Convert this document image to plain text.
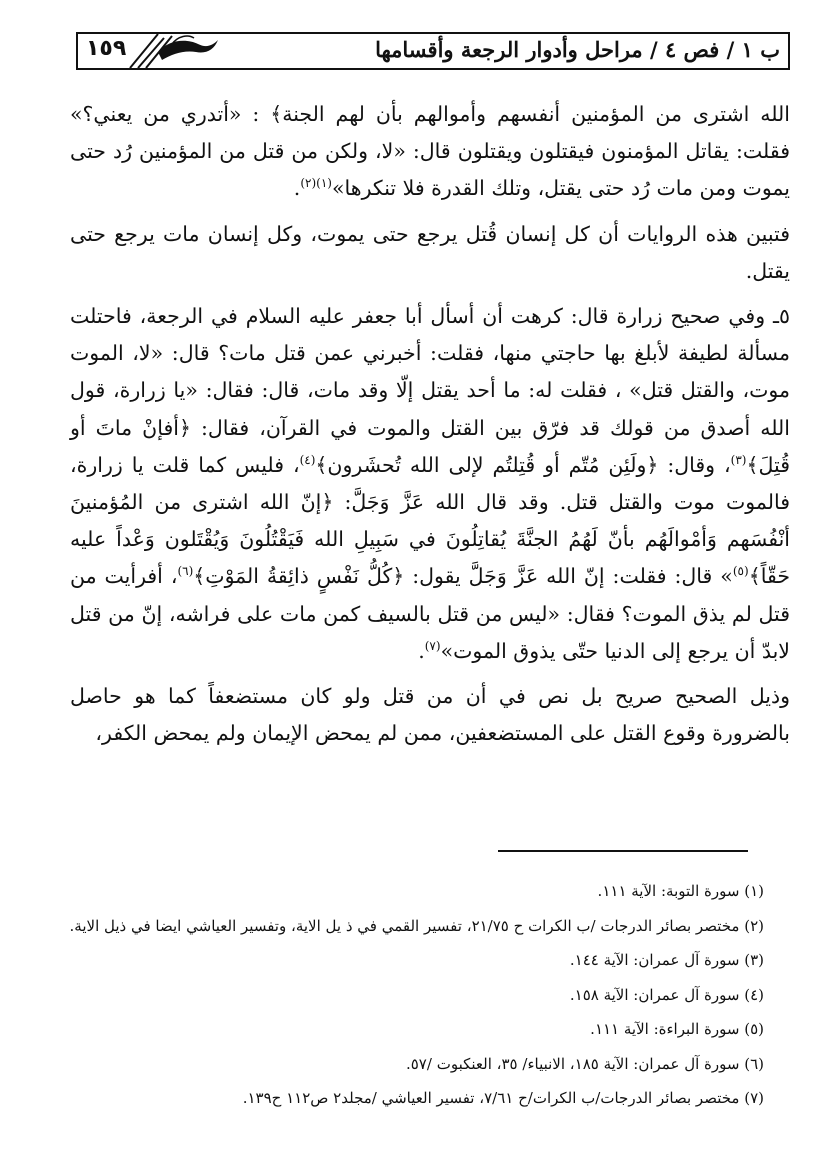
١٥٩	ب ١ / فص ٤ / مراحل وأدوار الرجعة وأقسامها

الله اشترى من المؤمنين أنفسهم وأموالهم بأن لهم الجنة﴾ : «أتدري من يعني؟» فقلت: يقاتل المؤمنون فيقتلون ويقتلون قال: «لا، ولكن من قتل من المؤمنين رُد حتى يموت ومن مات رُد حتى يقتل، وتلك القدرة فلا تنكرها»$^{(١)(٢)}$.

فتبين هذه الروايات أن كل إنسان قُتل يرجع حتى يموت، وكل إنسان مات يرجع حتى يقتل.

٥ـ وفي صحيح زرارة قال: كرهت أن أسأل أبا جعفر عليه السلام في الرجعة، فاحتلت مسألة لطيفة لأبلغ بها حاجتي منها، فقلت: أخبرني عمن قتل مات؟ قال: «لا، الموت موت، والقتل قتل» ، فقلت له: ما أحد يقتل إلّا وقد مات، قال: فقال: «يا زرارة، قول الله أصدق من قولك قد فرّق بين القتل والموت في القرآن، فقال: ﴿أفإنْ ماتَ أو قُتِلَ﴾$^{(٣)}$، وقال: ﴿ولَئِن مُتّم أو قُتِلتُم لإلى الله تُحشَرون﴾$^{(٤)}$، فليس كما قلت يا زرارة، فالموت موت والقتل قتل. وقد قال الله عَزَّ وَجَلَّ: ﴿إنّ الله اشترى من المُؤمنينَ أنْفُسَهم وَأمْوالَهُم بأنّ لَهُمُ الجنَّةَ يُقاتِلُونَ في سَبِيلِ الله فَيَقْتُلُونَ وَيُقْتَلون وَعْداً عليه حَقّاً﴾$^{(٥)}$» قال: فقلت: إنّ الله عَزَّ وَجَلَّ يقول: ﴿كُلُّ نَفْسٍ ذائِقةُ المَوْتِ﴾$^{(٦)}$، أفرأيت من قتل لم يذق الموت؟ فقال: «ليس من قتل بالسيف كمن مات على فراشه، إنّ من قتل لابدّ أن يرجع إلى الدنيا حتّى يذوق الموت»$^{(٧)}$.

وذيل الصحيح صريح بل نص في أن من قتل ولو كان مستضعفاً كما هو حاصل بالضرورة وقوع القتل على المستضعفين، ممن لم يمحض الإيمان ولم يمحض الكفر،

(١) سورة التوبة: الآية ١١١.
(٢) مختصر بصائر الدرجات /ب الكرات ح ٢١/٧٥، تفسير القمي في ذ يل الاية، وتفسير العياشي ايضا في ذيل الاية.
(٣) سورة آل عمران: الآية ١٤٤.
(٤) سورة آل عمران: الآية ١٥٨.
(٥) سورة البراءة: الآية ١١١.
(٦) سورة آل عمران: الآية ١٨٥، الانبياء/ ٣٥، العنكبوت /٥٧.
(٧) مختصر بصائر الدرجات/ب الكرات/ح ٧/٦١، تفسير العياشي /مجلد٢ ص١١٢ ح١٣٩.
